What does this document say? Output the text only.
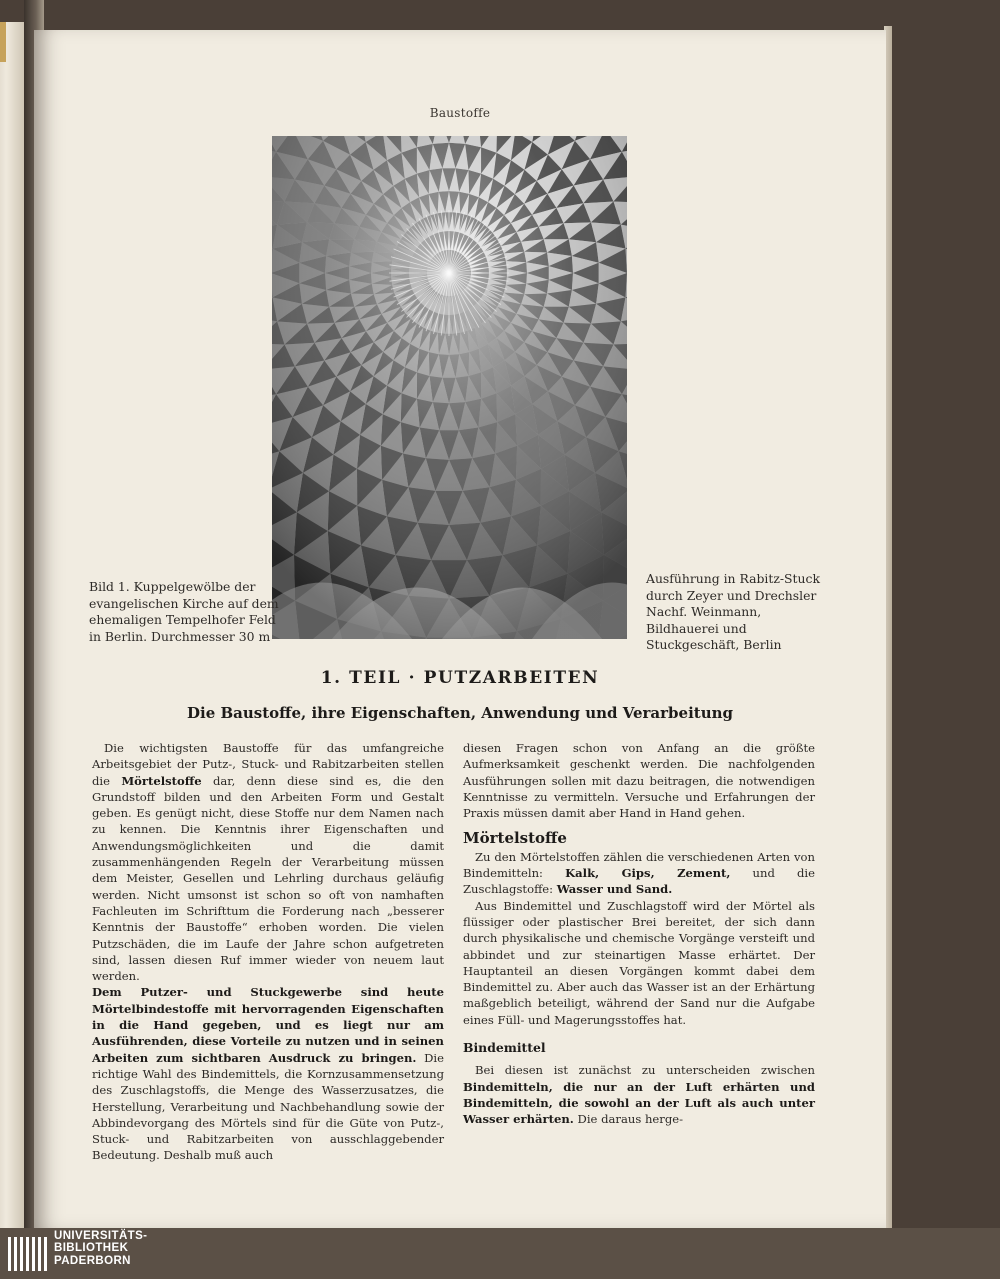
Baustoffe
Bild 1. Kuppelgewölbe der evangelischen Kirche auf dem ehemaligen Tempelhofer Feld in Berlin. Durchmesser 30 m
Ausführung in Rabitz-Stuck durch Zeyer und Drechsler Nachf. Weinmann, Bildhauerei und Stuckgeschäft, Berlin
1. TEIL · PUTZARBEITEN
Die Baustoffe, ihre Eigenschaften, Anwendung und Verarbeitung

Die wichtigsten Baustoffe für das umfangreiche Arbeitsgebiet der Putz-, Stuck- und Rabitzarbeiten stellen die Mörtelstoffe dar, denn diese sind es, die den Grundstoff bilden und den Arbeiten Form und Gestalt geben. Es genügt nicht, diese Stoffe nur dem Namen nach zu kennen. Die Kenntnis ihrer Eigenschaften und Anwendungsmöglichkeiten und die damit zusammenhängenden Regeln der Verarbeitung müssen dem Meister, Gesellen und Lehrling durchaus geläufig werden. Nicht umsonst ist schon so oft von namhaften Fachleuten im Schrifttum die Forderung nach „besserer Kenntnis der Baustoffe“ erhoben worden. Die vielen Putzschäden, die im Laufe der Jahre schon aufgetreten sind, lassen diesen Ruf immer wieder von neuem laut werden.

Dem Putzer- und Stuckgewerbe sind heute Mörtelbindestoffe mit hervorragenden Eigenschaften in die Hand gegeben, und es liegt nur am Ausführenden, diese Vorteile zu nutzen und in seinen Arbeiten zum sichtbaren Ausdruck zu bringen. Die richtige Wahl des Bindemittels, die Kornzusammensetzung des Zuschlagstoffs, die Menge des Wasserzusatzes, die Herstellung, Verarbeitung und Nachbehandlung sowie der Abbindevorgang des Mörtels sind für die Güte von Putz-, Stuck- und Rabitzarbeiten von ausschlaggebender Bedeutung. Deshalb muß auch

diesen Fragen schon von Anfang an die größte Aufmerksamkeit geschenkt werden. Die nachfolgenden Ausführungen sollen mit dazu beitragen, die notwendigen Kenntnisse zu vermitteln. Versuche und Erfahrungen der Praxis müssen damit aber Hand in Hand gehen.

Mörtelstoffe

Zu den Mörtelstoffen zählen die verschiedenen Arten von Bindemitteln: Kalk, Gips, Zement, und die Zuschlagstoffe: Wasser und Sand.

Aus Bindemittel und Zuschlagstoff wird der Mörtel als flüssiger oder plastischer Brei bereitet, der sich dann durch physikalische und chemische Vorgänge versteift und abbindet und zur steinartigen Masse erhärtet. Der Hauptanteil an diesen Vorgängen kommt dabei dem Bindemittel zu. Aber auch das Wasser ist an der Erhärtung maßgeblich beteiligt, während der Sand nur die Aufgabe eines Füll- und Magerungsstoffes hat.

Bindemittel

Bei diesen ist zunächst zu unterscheiden zwischen Bindemitteln, die nur an der Luft erhärten und Bindemitteln, die sowohl an der Luft als auch unter Wasser erhärten. Die daraus herge-

UNIVERSITÄTS-
BIBLIOTHEK
PADERBORN
